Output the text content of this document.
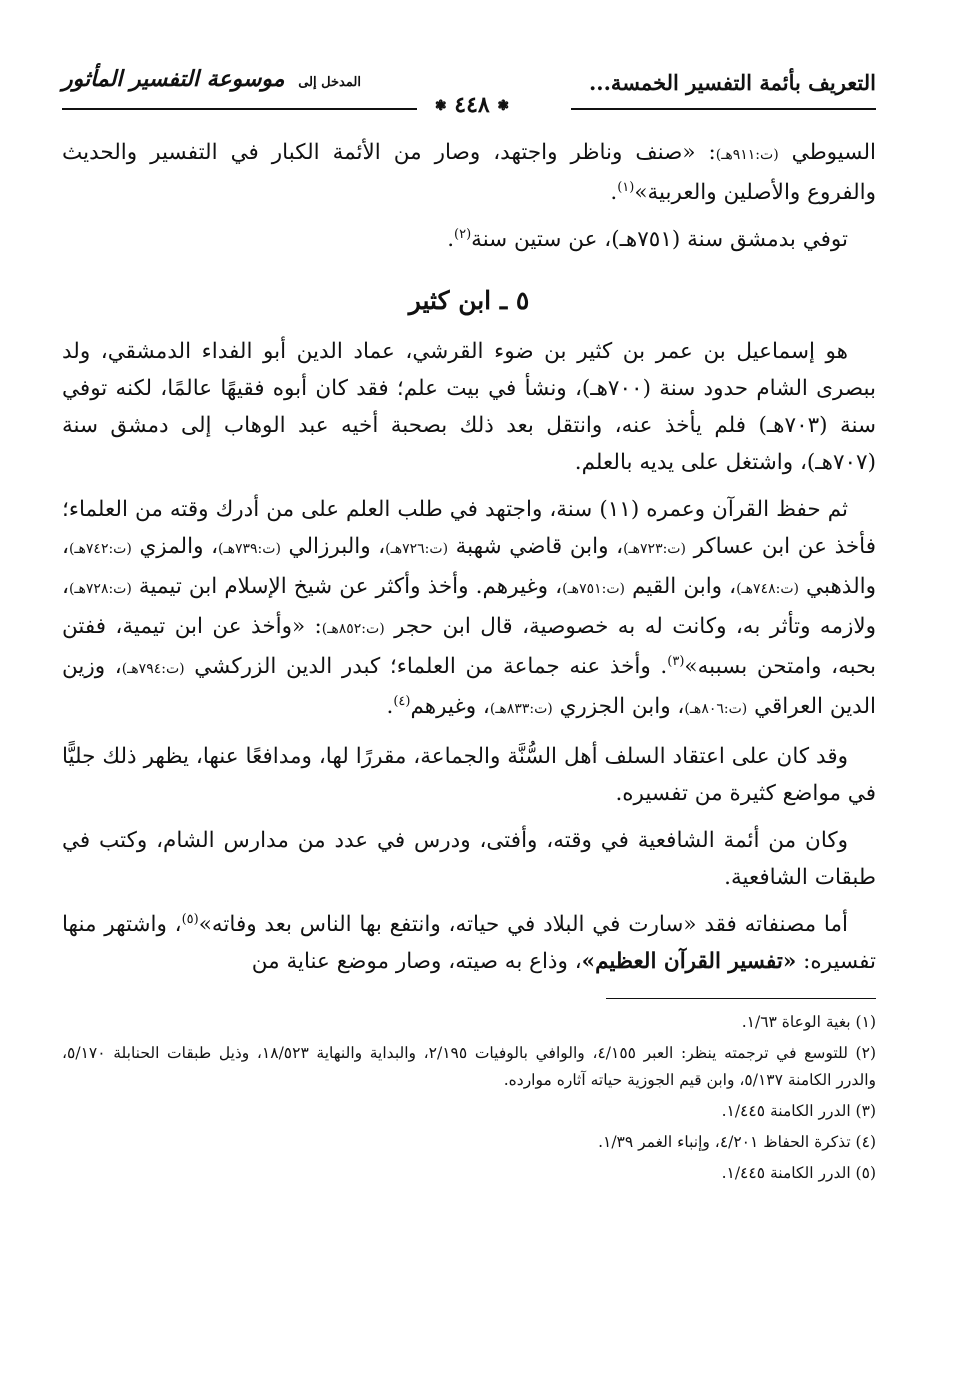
التعريف بأئمة التفسير الخمسة...
المدخل إلى موسوعة التفسير المأثور
❃ ٤٤٨ ❃

السيوطي (ت:٩١١هـ): «صنف وناظر واجتهد، وصار من الأئمة الكبار في التفسير والحديث والفروع والأصلين والعربية»$^{(١)}$.

توفي بدمشق سنة (٧٥١هـ)، عن ستين سنة$^{(٢)}$.

٥ ـ ابن كثير

هو إسماعيل بن عمر بن كثير بن ضوء القرشي، عماد الدين أبو الفداء الدمشقي، ولد ببصرى الشام حدود سنة (٧٠٠هـ)، ونشأ في بيت علم؛ فقد كان أبوه فقيهًا عالمًا، لكنه توفي سنة (٧٠٣هـ) فلم يأخذ عنه، وانتقل بعد ذلك بصحبة أخيه عبد الوهاب إلى دمشق سنة (٧٠٧هـ)، واشتغل على يديه بالعلم.

ثم حفظ القرآن وعمره (١١) سنة، واجتهد في طلب العلم على من أدرك وقته من العلماء؛ فأخذ عن ابن عساكر (ت:٧٢٣هـ)، وابن قاضي شهبة (ت:٧٢٦هـ)، والبرزالي (ت:٧٣٩هـ)، والمزي (ت:٧٤٢هـ)، والذهبي (ت:٧٤٨هـ)، وابن القيم (ت:٧٥١هـ)، وغيرهم. وأخذ وأكثر عن شيخ الإسلام ابن تيمية (ت:٧٢٨هـ)، ولازمه وتأثر به، وكانت له به خصوصية، قال ابن حجر (ت:٨٥٢هـ): «وأخذ عن ابن تيمية، ففتن بحبه، وامتحن بسببه»$^{(٣)}$. وأخذ عنه جماعة من العلماء؛ كبدر الدين الزركشي (ت:٧٩٤هـ)، وزين الدين العراقي (ت:٨٠٦هـ)، وابن الجزري (ت:٨٣٣هـ)، وغيرهم$^{(٤)}$.

وقد كان على اعتقاد السلف أهل السُّنَّة والجماعة، مقررًا لها، ومدافعًا عنها، يظهر ذلك جليًّا في مواضع كثيرة من تفسيره.

وكان من أئمة الشافعية في وقته، وأفتى، ودرس في عدد من مدارس الشام، وكتب في طبقات الشافعية.

أما مصنفاته فقد «سارت في البلاد في حياته، وانتفع بها الناس بعد وفاته»$^{(٥)}$، واشتهر منها تفسيره: «تفسير القرآن العظيم»، وذاع به صيته، وصار موضع عناية من

(١) بغية الوعاة ١/٦٣.

(٢) للتوسع في ترجمته ينظر: العبر ٤/١٥٥، والوافي بالوفيات ٢/١٩٥، والبداية والنهاية ١٨/٥٢٣، وذيل طبقات الحنابلة ٥/١٧٠، والدرر الكامنة ٥/١٣٧، وابن قيم الجوزية حياته آثاره موارده.

(٣) الدرر الكامنة ١/٤٤٥.

(٤) تذكرة الحفاظ ٤/٢٠١، وإنباء الغمر ١/٣٩.

(٥) الدرر الكامنة ١/٤٤٥.
